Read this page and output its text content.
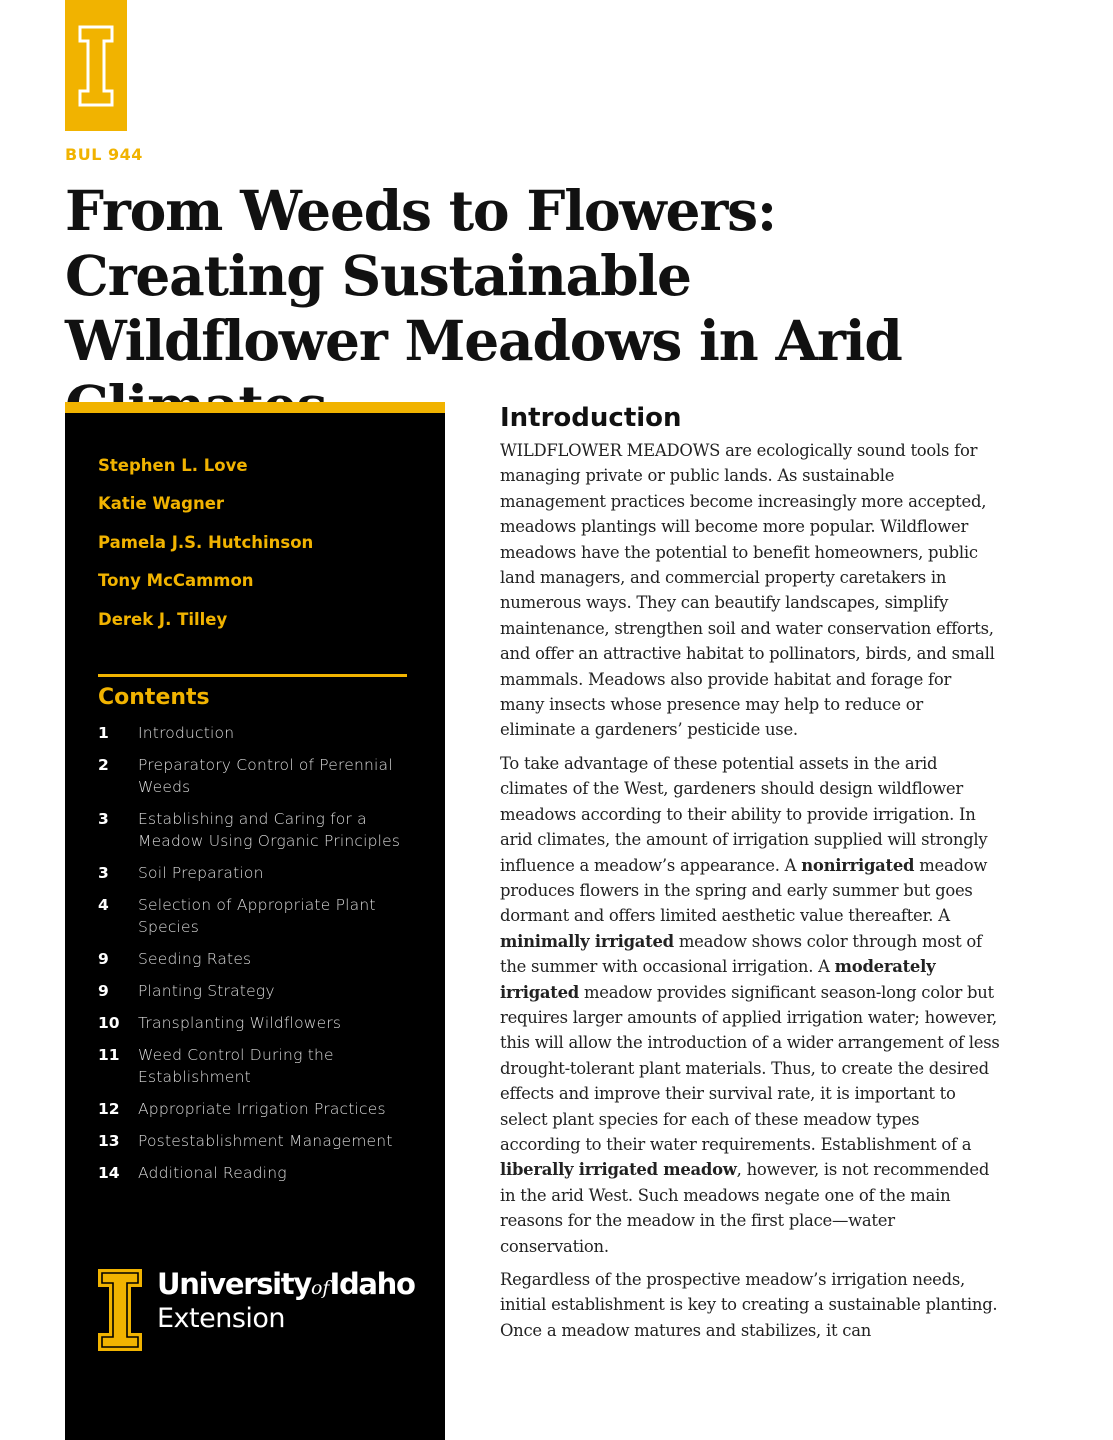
BUL 944
From Weeds to Flowers: Creating Sustainable Wildflower Meadows in Arid
Stephen L. Love
Katie Wagner
Pamela J.S. Hutchinson
Tony McCammon
Derek J. Tilley
Contents
1	Introduction
2	Preparatory Control of Perennial Weeds
3	Establishing and Caring for a Meadow Using Organic Principles
3	Soil Preparation
4	Selection of Appropriate Plant Species
9	Seeding Rates
9	Planting Strategy
10	Transplanting Wildflowers
11	Weed Control During the Establishment
12	Appropriate Irrigation Practices
13	Postestablishment Management
14	Additional Reading
UniversityofIdaho
Extension
Introduction

WILDFLOWER MEADOWS are ecologically sound tools for managing private or public lands. As sustainable management practices become increasingly more accepted, meadows plantings will become more popular. Wildflower meadows have the potential to benefit homeowners, public land managers, and commercial property caretakers in numerous ways. They can beautify landscapes, simplify maintenance, strengthen soil and water conservation efforts, and offer an attractive habitat to pollinators, birds, and small mammals. Meadows also provide habitat and forage for many insects whose presence may help to reduce or eliminate a gardeners’ pesticide use.

To take advantage of these potential assets in the arid climates of the West, gardeners should design wildflower meadows according to their ability to provide irrigation. In arid climates, the amount of irrigation supplied will strongly influence a meadow’s appearance. A nonirrigated meadow produces flowers in the spring and early summer but goes dormant and offers limited aesthetic value thereafter. A minimally irrigated meadow shows color through most of the summer with occasional irrigation. A moderately irrigated meadow provides significant season-long color but requires larger amounts of applied irrigation water; however, this will allow the introduction of a wider arrangement of less drought-tolerant plant materials. Thus, to create the desired effects and improve their survival rate, it is important to select plant species for each of these meadow types according to their water requirements. Establishment of a liberally irrigated meadow, however, is not recommended in the arid West. Such meadows negate one of the main reasons for the meadow in the first place—water conservation.

Regardless of the prospective meadow’s irrigation needs, initial establishment is key to creating a sustainable planting. Once a meadow matures and stabilizes, it can
